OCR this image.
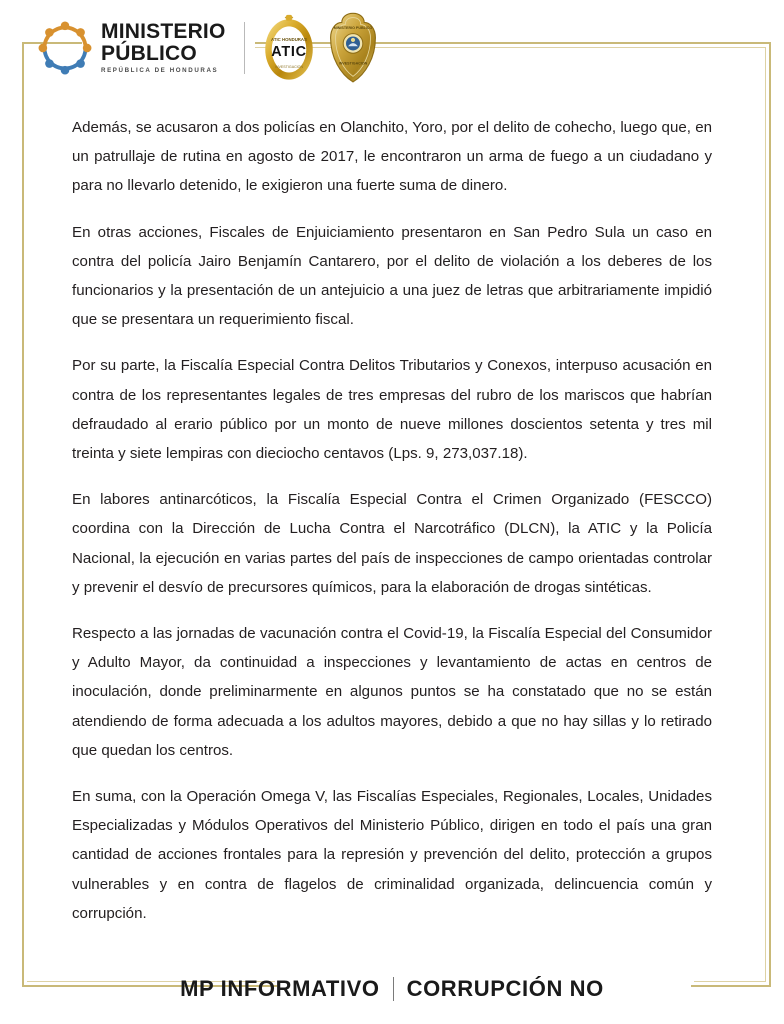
MINISTERIO
PÚBLICO
REPÚBLICA DE HONDURAS
ATIC HONDURAS
ATIC
INVESTIGACION
MINISTERIO PUBLICO
INVESTIGACION

Además, se acusaron a dos policías en Olanchito, Yoro, por el delito de cohecho, luego que, en un patrullaje de rutina en agosto de 2017, le encontraron un arma de fuego a un ciudadano y para no llevarlo detenido, le exigieron una fuerte suma de dinero.

En otras acciones, Fiscales de Enjuiciamiento presentaron en San Pedro Sula un caso en contra del policía Jairo Benjamín Cantarero, por el delito de violación a los deberes de los funcionarios y la presentación de un antejuicio a una juez de letras que arbitrariamente impidió que se presentara un requerimiento fiscal.

Por su parte, la Fiscalía Especial Contra Delitos Tributarios y Conexos, interpuso acusación en contra de los representantes legales de tres empresas del rubro de los mariscos que habrían defraudado al erario público por un monto de nueve millones doscientos setenta y tres mil treinta y siete lempiras con dieciocho centavos (Lps. 9, 273,037.18).

En labores antinarcóticos, la Fiscalía Especial Contra el Crimen Organizado (FESCCO) coordina con la Dirección de Lucha Contra el Narcotráfico (DLCN), la ATIC y la Policía Nacional, la ejecución en varias partes del país de inspecciones de campo orientadas controlar y prevenir el desvío de precursores químicos, para la elaboración de drogas sintéticas.

Respecto a las jornadas de vacunación contra el Covid-19, la Fiscalía Especial del Consumidor y Adulto Mayor, da continuidad a inspecciones y levantamiento de actas en centros de inoculación, donde preliminarmente en algunos puntos se ha constatado que no se están atendiendo de forma adecuada a los adultos mayores, debido a que no hay sillas y lo retirado que quedan los centros.

En suma, con la Operación Omega V, las Fiscalías Especiales, Regionales, Locales, Unidades Especializadas y Módulos Operativos del Ministerio Público, dirigen en todo el país una gran cantidad de acciones frontales para la represión y prevención del delito, protección a grupos vulnerables y en contra de flagelos de criminalidad organizada, delincuencia común y corrupción.

MP INFORMATIVO CORRUPCIÓN NO
